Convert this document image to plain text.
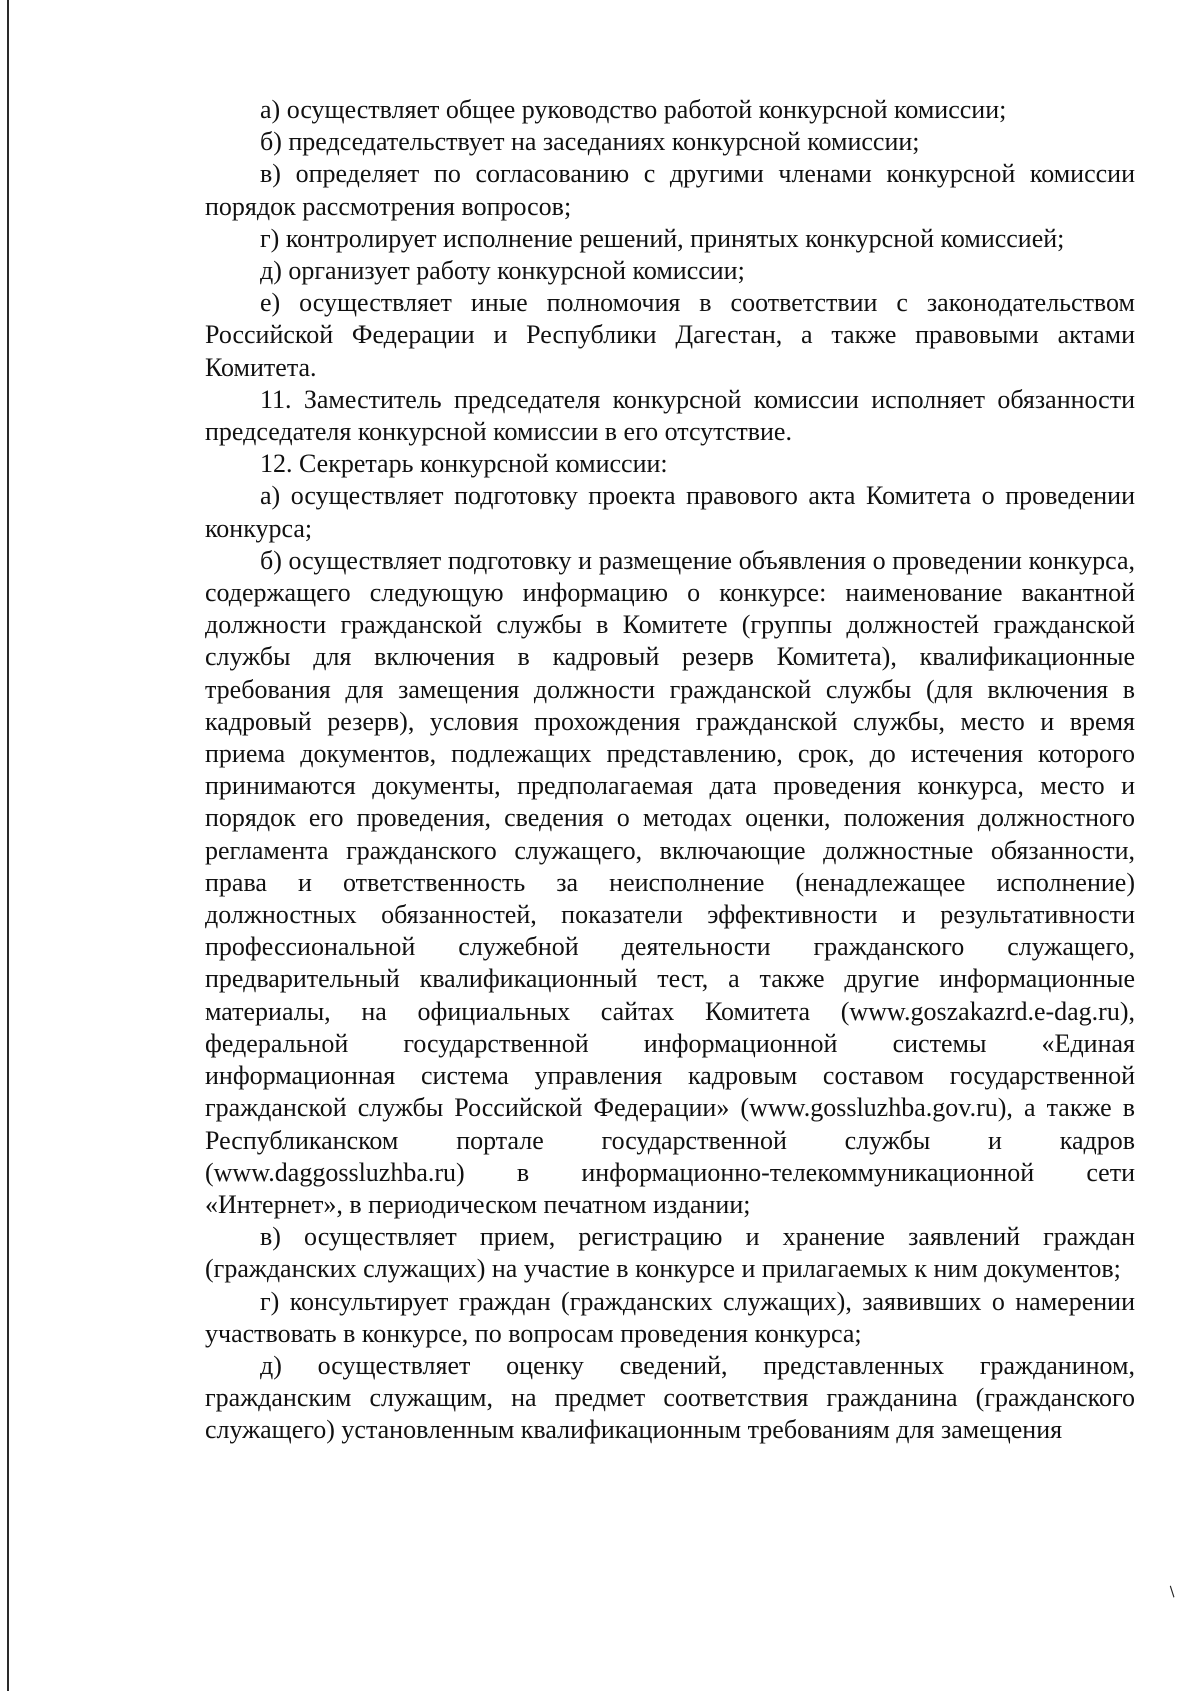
а) осуществляет общее руководство работой конкурсной комиссии;

б) председательствует на заседаниях конкурсной комиссии;

в) определяет по согласованию с другими членами конкурсной комиссии порядок рассмотрения вопросов;

г) контролирует исполнение решений, принятых конкурсной комиссией;

д) организует работу конкурсной комиссии;

е) осуществляет иные полномочия в соответствии с законодательством Российской Федерации и Республики Дагестан, а также правовыми актами Комитета.

11. Заместитель председателя конкурсной комиссии исполняет обязанности председателя конкурсной комиссии в его отсутствие.

12. Секретарь конкурсной комиссии:

а) осуществляет подготовку проекта правового акта Комитета о проведении конкурса;

б) осуществляет подготовку и размещение объявления о проведении конкурса, содержащего следующую информацию о конкурсе: наименование вакантной должности гражданской службы в Комитете (группы должностей гражданской службы для включения в кадровый резерв Комитета), квалификационные требования для замещения должности гражданской службы (для включения в кадровый резерв), условия прохождения гражданской службы, место и время приема документов, подлежащих представлению, срок, до истечения которого принимаются документы, предполагаемая дата проведения конкурса, место и порядок его проведения, сведения о методах оценки, положения должностного регламента гражданского служащего, включающие должностные обязанности, права и ответственность за неисполнение (ненадлежащее исполнение) должностных обязанностей, показатели эффективности и результативности профессиональной служебной деятельности гражданского служащего, предварительный квалификационный тест, а также другие информационные материалы, на официальных сайтах Комитета (www.goszakazrd.e-dag.ru), федеральной государственной информационной системы «Единая информационная система управления кадровым составом государственной гражданской службы Российской Федерации» (www.gossluzhba.gov.ru), а также в Республиканском портале государственной службы и кадров (www.daggossluzhba.ru) в информационно-телекоммуникационной сети «Интернет», в периодическом печатном издании;

в) осуществляет прием, регистрацию и хранение заявлений граждан (гражданских служащих) на участие в конкурсе и прилагаемых к ним документов;

г) консультирует граждан (гражданских служащих), заявивших о намерении участвовать в конкурсе, по вопросам проведения конкурса;

д) осуществляет оценку сведений, представленных гражданином, гражданским служащим, на предмет соответствия гражданина (гражданского служащего) установленным квалификационным требованиям для замещения

/
